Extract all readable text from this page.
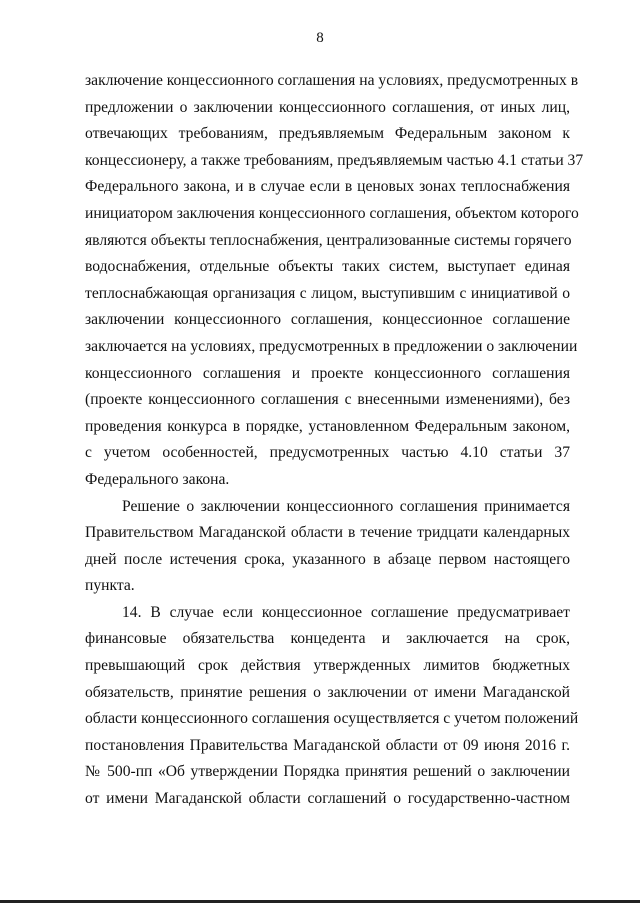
8

заключение концессионного соглашения на условиях, предусмотренных в
предложении о заключении концессионного соглашения, от иных лиц,
отвечающих требованиям, предъявляемым Федеральным законом к
концессионеру, а также требованиям, предъявляемым частью 4.1 статьи 37
Федерального закона, и в случае если в ценовых зонах теплоснабжения
инициатором заключения концессионного соглашения, объектом которого
являются объекты теплоснабжения, централизованные системы горячего
водоснабжения, отдельные объекты таких систем, выступает единая
теплоснабжающая организация с лицом, выступившим с инициативой о
заключении концессионного соглашения, концессионное соглашение
заключается на условиях, предусмотренных в предложении о заключении
концессионного соглашения и проекте концессионного соглашения
(проекте концессионного соглашения с внесенными изменениями), без
проведения конкурса в порядке, установленном Федеральным законом,
с учетом особенностей, предусмотренных частью 4.10 статьи 37
Федерального закона.

Решение о заключении концессионного соглашения принимается
Правительством Магаданской области в течение тридцати календарных
дней после истечения срока, указанного в абзаце первом настоящего
пункта.

14. В случае если концессионное соглашение предусматривает
финансовые обязательства концедента и заключается на срок,
превышающий срок действия утвержденных лимитов бюджетных
обязательств, принятие решения о заключении от имени Магаданской
области концессионного соглашения осуществляется с учетом положений
постановления Правительства Магаданской области от 09 июня 2016 г.
№ 500-пп «Об утверждении Порядка принятия решений о заключении
от имени Магаданской области соглашений о государственно-частном
